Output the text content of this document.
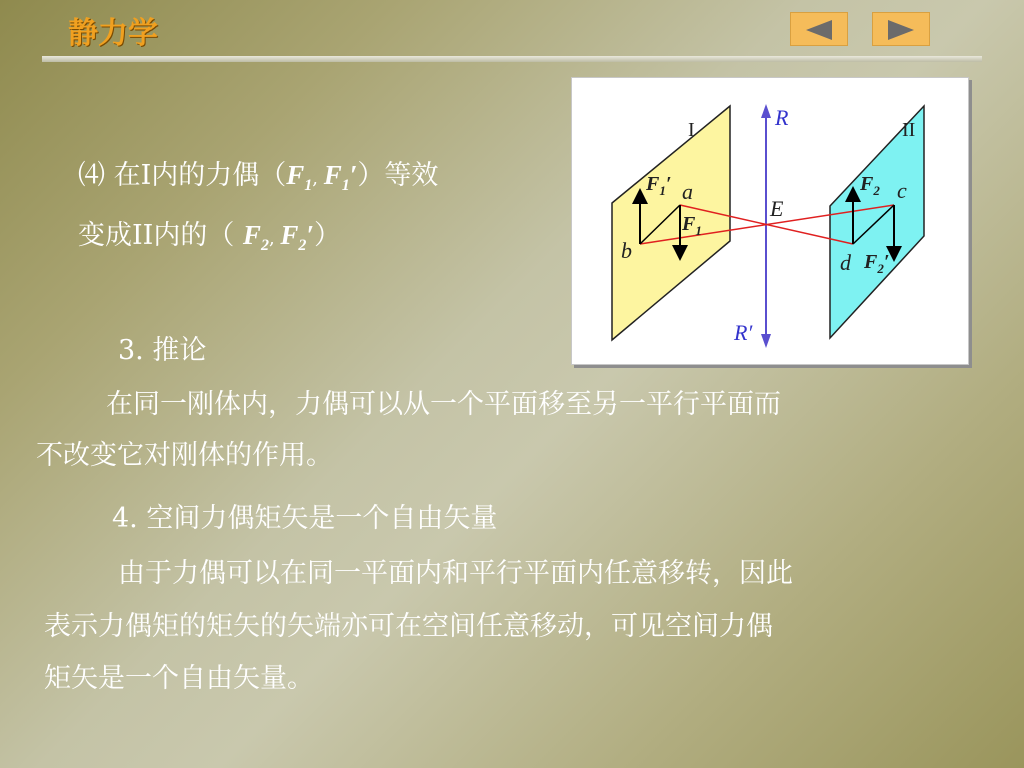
静力学
⑷ 在I内的力偶（$F_1$, $F_1'$）等效
变成II内的（ $F_2$, $F_2'$）
3. 推论
在同一刚体内，力偶可以从一个平面移至另一平行平面而
不改变它对刚体的作用。
4. 空间力偶矩矢是一个自由矢量
由于力偶可以在同一平面内和平行平面内任意移转，因此
表示力偶矩的矩矢的矢端亦可在空间任意移动，可见空间力偶
矩矢是一个自由矢量。
I	II
R
R′
E
a
b
$F_1'$
$F_1$
c
d
$F_2$
$F_2'$
